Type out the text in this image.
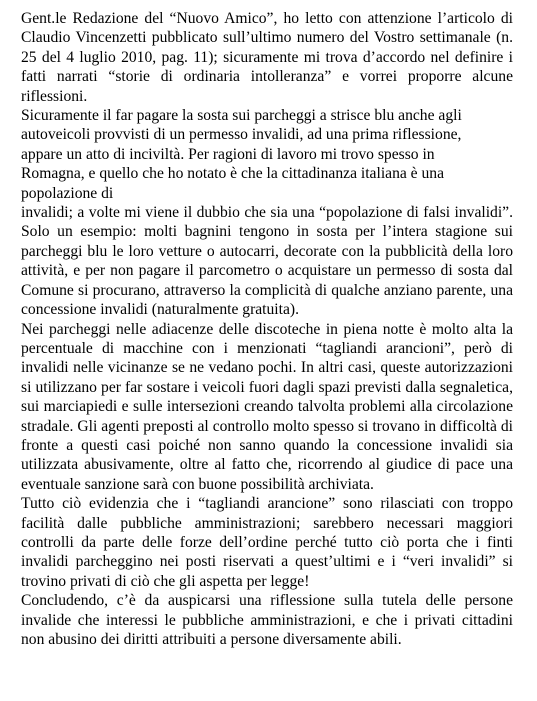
Gent.le Redazione del “Nuovo Amico”, ho letto con attenzione l’articolo di Claudio Vincenzetti pubblicato sull’ultimo numero del Vostro settimanale (n. 25 del 4 luglio 2010, pag. 11); sicuramente mi trova d’accordo nel definire i fatti narrati “storie di ordinaria intolleranza” e vorrei proporre alcune riflessioni.

Sicuramente il far pagare la sosta sui parcheggi a strisce blu anche agli
autoveicoli provvisti di un permesso invalidi, ad una prima riflessione,
appare un atto di inciviltà. Per ragioni di lavoro mi trovo spesso in
Romagna, e quello che ho notato è che la cittadinanza italiana è una
popolazione di

invalidi; a volte mi viene il dubbio che sia una “popolazione di falsi invalidi”. Solo un esempio: molti bagnini tengono in sosta per l’intera stagione sui parcheggi blu le loro vetture o autocarri, decorate con la pubblicità della loro attività, e per non pagare il parcometro o acquistare un permesso di sosta dal Comune si procurano, attraverso la complicità di qualche anziano parente, una concessione invalidi (naturalmente gratuita).

Nei parcheggi nelle adiacenze delle discoteche in piena notte è molto alta la percentuale di macchine con i menzionati “tagliandi arancioni”, però di invalidi nelle vicinanze se ne vedano pochi. In altri casi, queste autorizzazioni si utilizzano per far sostare i veicoli fuori dagli spazi previsti dalla segnaletica, sui marciapiedi e sulle intersezioni creando talvolta problemi alla circolazione stradale. Gli agenti preposti al controllo molto spesso si trovano in difficoltà di fronte a questi casi poiché non sanno quando la concessione invalidi sia utilizzata abusivamente, oltre al fatto che, ricorrendo al giudice di pace una eventuale sanzione sarà con buone possibilità archiviata.

Tutto ciò evidenzia che i “tagliandi arancione” sono rilasciati con troppo facilità dalle pubbliche amministrazioni; sarebbero necessari maggiori controlli da parte delle forze dell’ordine perché tutto ciò porta che i finti invalidi parcheggino nei posti riservati a quest’ultimi e i “veri invalidi” si trovino privati di ciò che gli aspetta per legge!

Concludendo, c’è da auspicarsi una riflessione sulla tutela delle persone invalide che interessi le pubbliche amministrazioni, e che i privati cittadini non abusino dei diritti attribuiti a persone diversamente abili.
